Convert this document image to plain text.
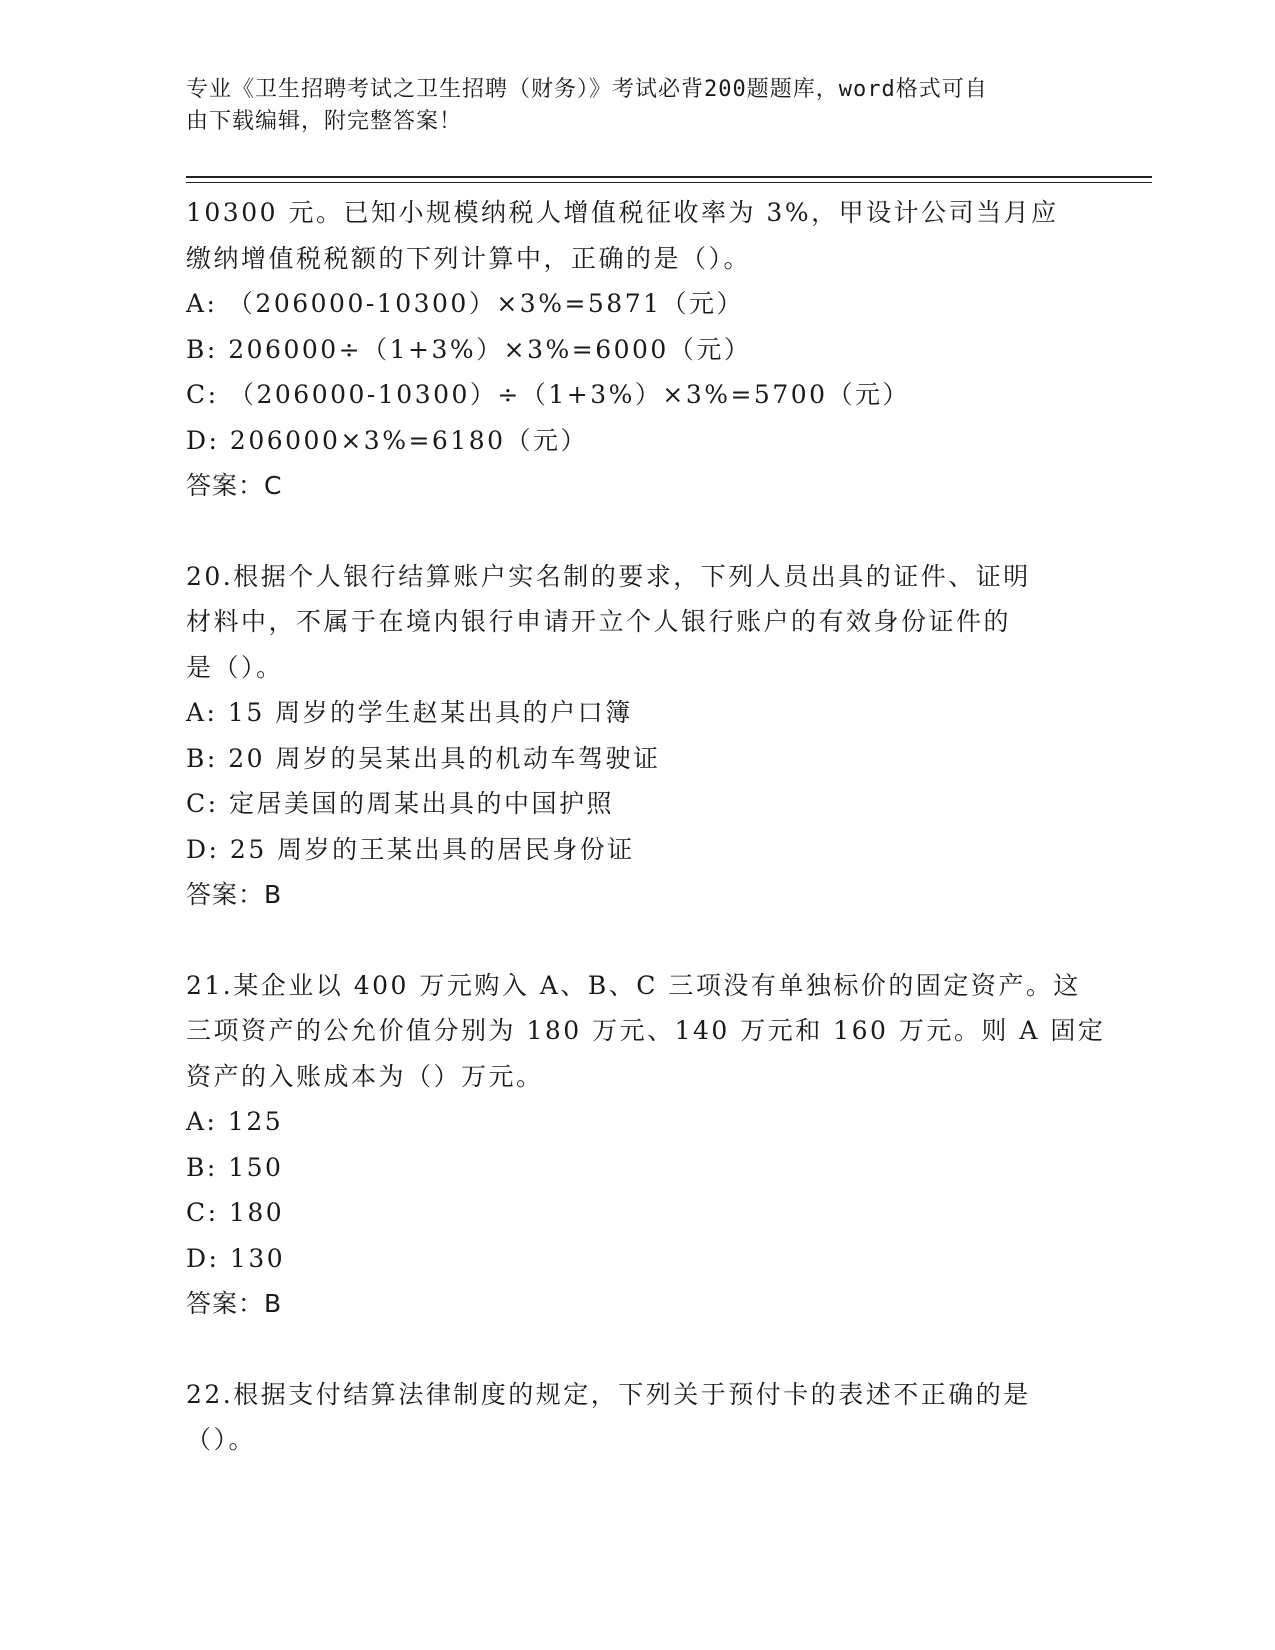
专业《卫生招聘考试之卫生招聘（财务）》考试必背200题题库，word格式可自
由下载编辑，附完整答案！

10300 元。已知小规模纳税人增值税征收率为 3%，甲设计公司当月应

缴纳增值税税额的下列计算中，正确的是（）。

A: （206000-10300）×3%=5871（元）

B: 206000÷（1+3%）×3%=6000（元）

C: （206000-10300）÷（1+3%）×3%=5700（元）

D: 206000×3%=6180（元）

答案：C

20.根据个人银行结算账户实名制的要求，下列人员出具的证件、证明

材料中，不属于在境内银行申请开立个人银行账户的有效身份证件的

是（）。

A: 15 周岁的学生赵某出具的户口簿

B: 20 周岁的吴某出具的机动车驾驶证

C: 定居美国的周某出具的中国护照

D: 25 周岁的王某出具的居民身份证

答案：B

21.某企业以 400 万元购入 A、B、C 三项没有单独标价的固定资产。这

三项资产的公允价值分别为 180 万元、140 万元和 160 万元。则 A 固定

资产的入账成本为（）万元。

A: 125

B: 150

C: 180

D: 130

答案：B

22.根据支付结算法律制度的规定，下列关于预付卡的表述不正确的是

（）。
